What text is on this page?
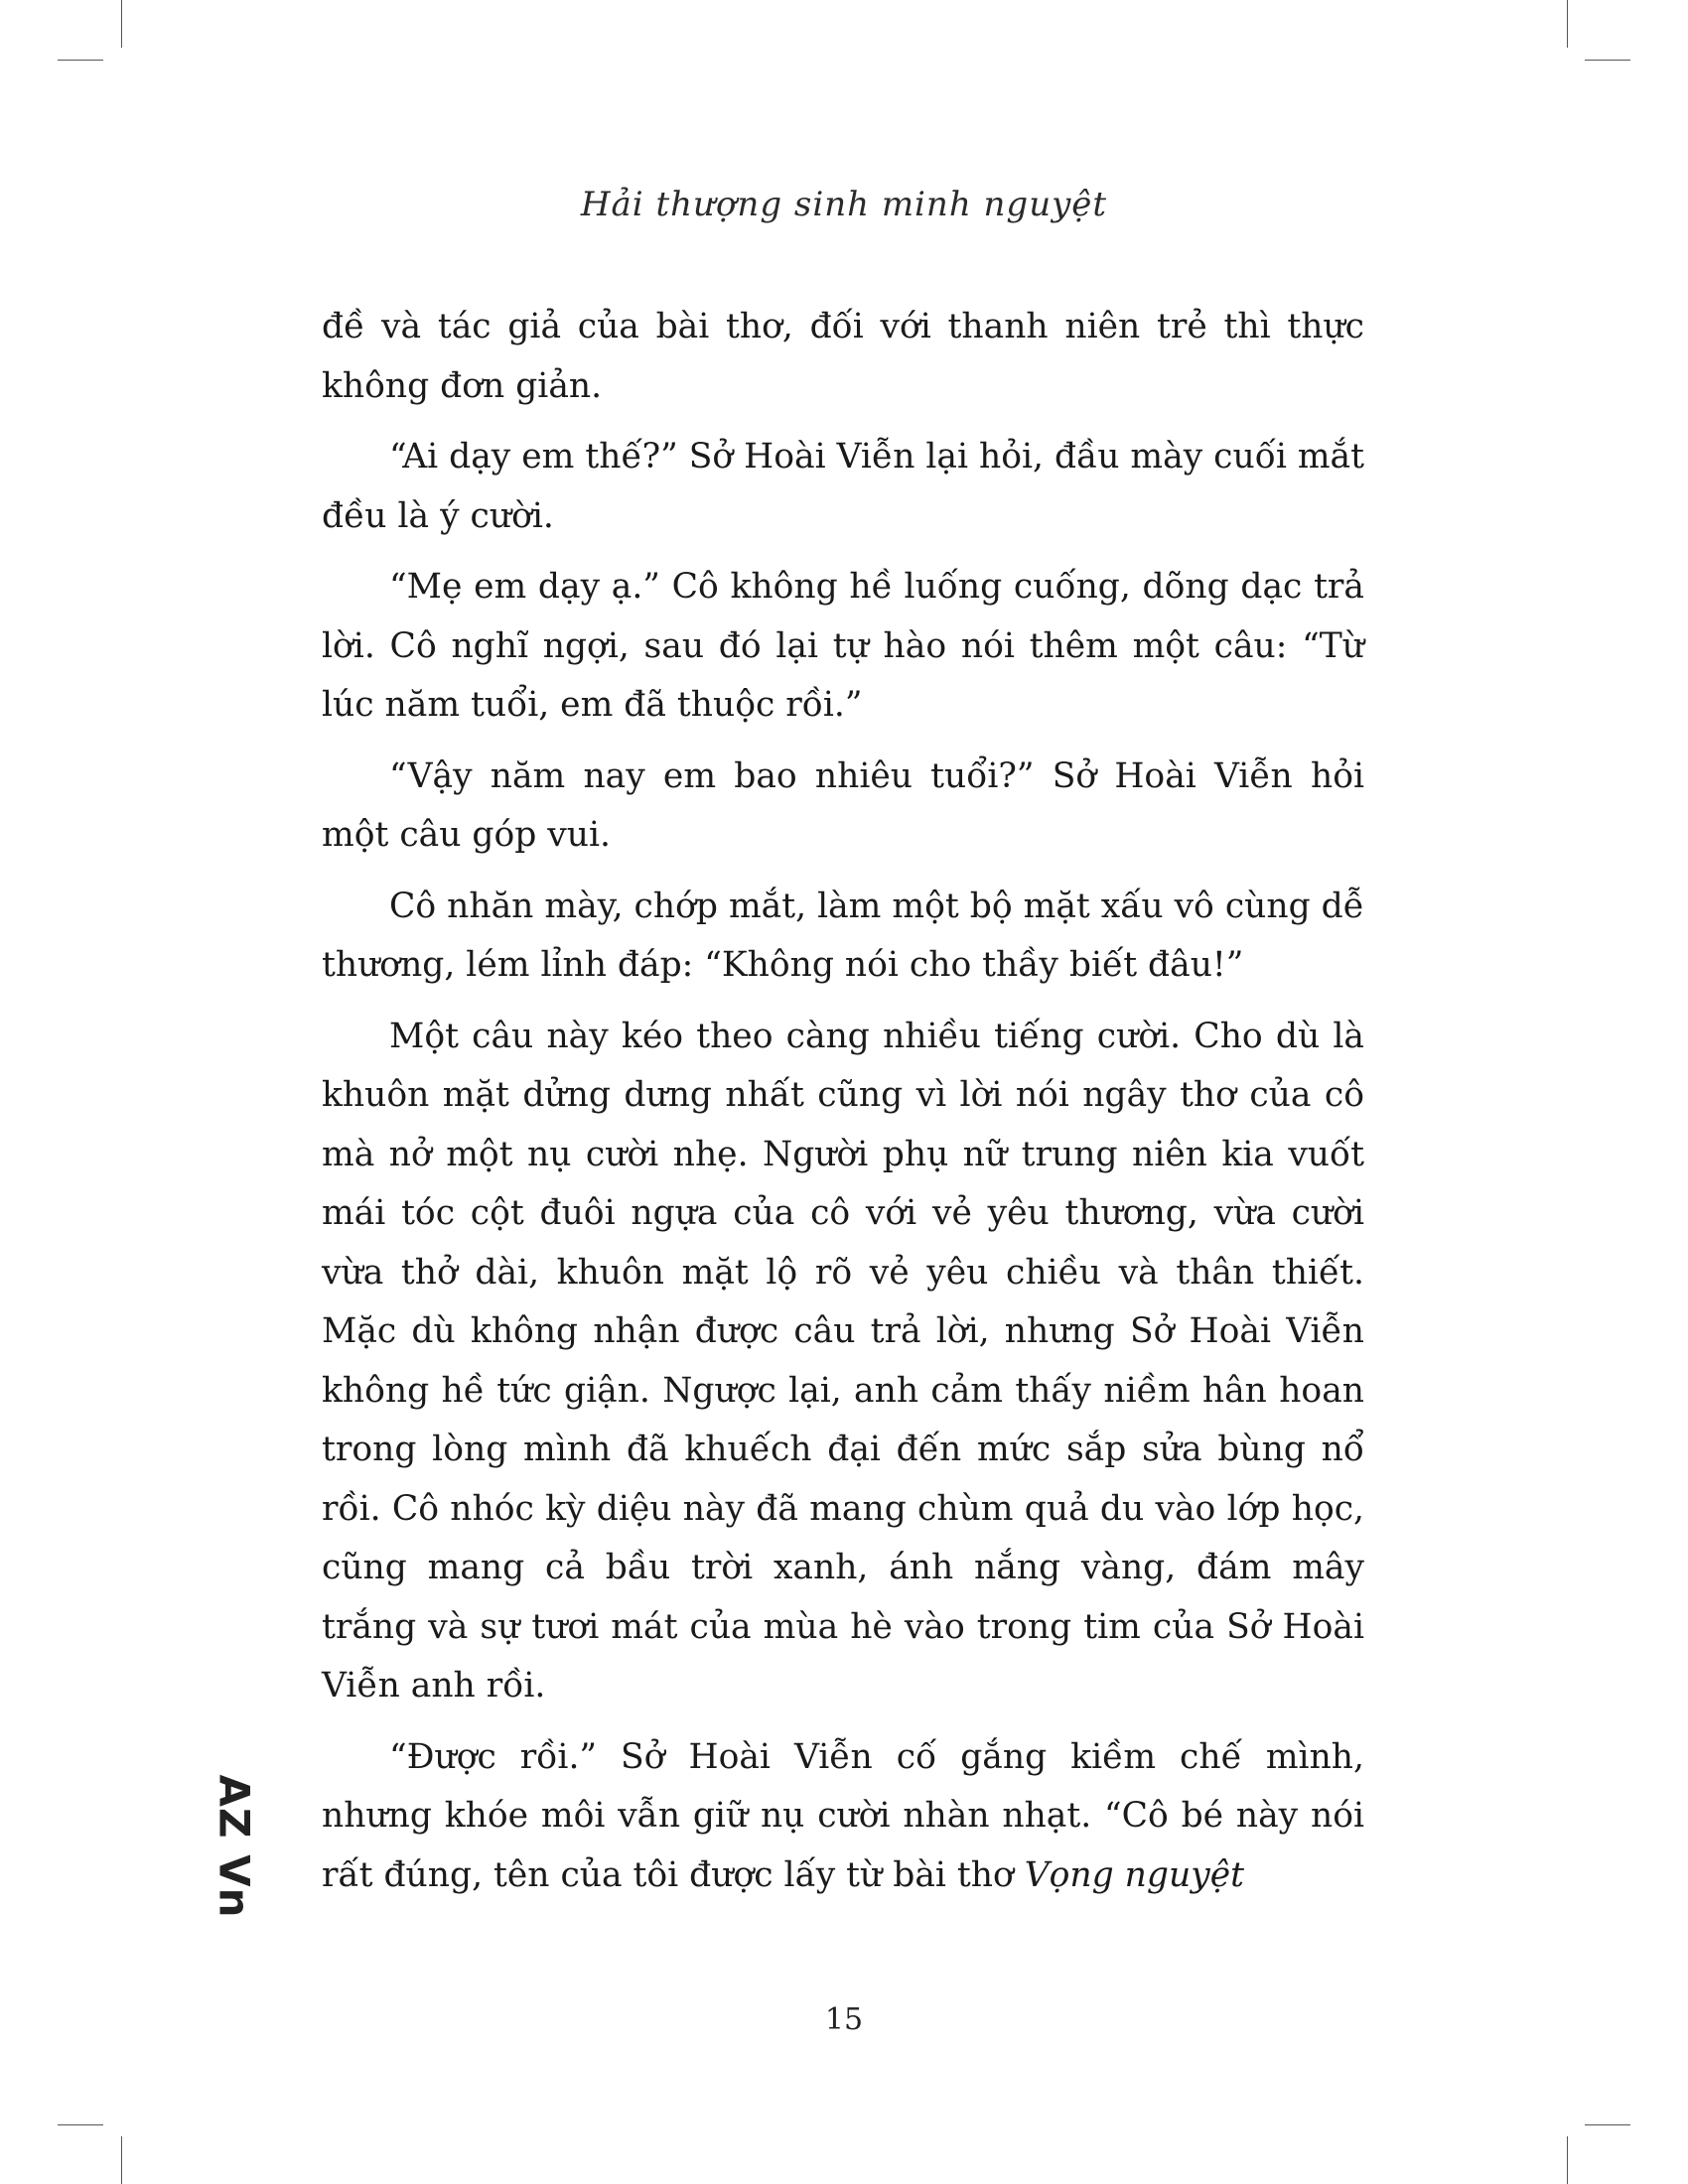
Hải thượng sinh minh nguyệt

đề và tác giả của bài thơ, đối với thanh niên trẻ thì thực không đơn giản.

“Ai dạy em thế?” Sở Hoài Viễn lại hỏi, đầu mày cuối mắt đều là ý cười.

“Mẹ em dạy ạ.” Cô không hề luống cuống, dõng dạc trả lời. Cô nghĩ ngợi, sau đó lại tự hào nói thêm một câu: “Từ lúc năm tuổi, em đã thuộc rồi.”

“Vậy năm nay em bao nhiêu tuổi?” Sở Hoài Viễn hỏi một câu góp vui.

Cô nhăn mày, chớp mắt, làm một bộ mặt xấu vô cùng dễ thương, lém lỉnh đáp: “Không nói cho thầy biết đâu!”

Một câu này kéo theo càng nhiều tiếng cười. Cho dù là khuôn mặt dửng dưng nhất cũng vì lời nói ngây thơ của cô mà nở một nụ cười nhẹ. Người phụ nữ trung niên kia vuốt mái tóc cột đuôi ngựa của cô với vẻ yêu thương, vừa cười vừa thở dài, khuôn mặt lộ rõ vẻ yêu chiều và thân thiết. Mặc dù không nhận được câu trả lời, nhưng Sở Hoài Viễn không hề tức giận. Ngược lại, anh cảm thấy niềm hân hoan trong lòng mình đã khuếch đại đến mức sắp sửa bùng nổ rồi. Cô nhóc kỳ diệu này đã mang chùm quả du vào lớp học, cũng mang cả bầu trời xanh, ánh nắng vàng, đám mây trắng và sự tươi mát của mùa hè vào trong tim của Sở Hoài Viễn anh rồi.

“Được rồi.” Sở Hoài Viễn cố gắng kiềm chế mình, nhưng khóe môi vẫn giữ nụ cười nhàn nhạt. “Cô bé này nói rất đúng, tên của tôi được lấy từ bài thơ Vọng nguyệt

AZ Vn
15
